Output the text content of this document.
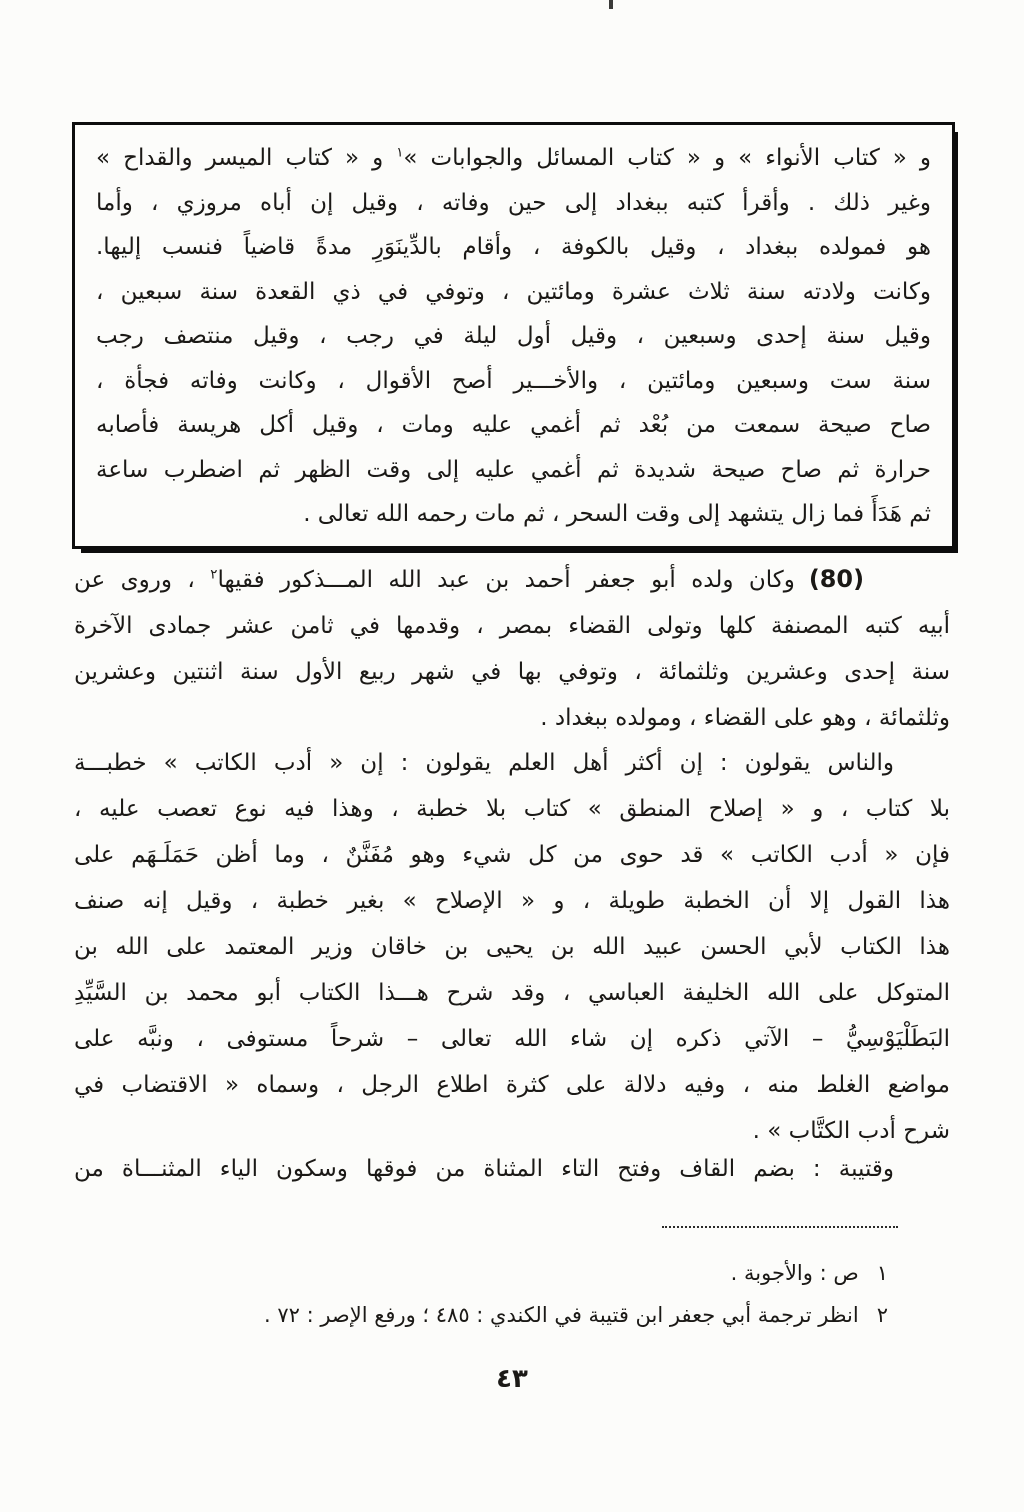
و « كتاب الأنواء » و « كتاب المسائل والجوابات »$^١$ و « كتاب الميسر والقداح »
وغير ذلك . وأقرأ كتبه ببغداد إلى حين وفاته ، وقيل إن أباه مروزي ، وأما
هو فمولده ببغداد ، وقيل بالكوفة ، وأقام بالدِّينَوَرِ مدةً قاضياً فنسب إليها.
وكانت ولادته سنة ثلاث عشرة ومائتين ، وتوفي في ذي القعدة سنة سبعين ،
وقيل سنة إحدى وسبعين ، وقيل أول ليلة في رجب ، وقيل منتصف رجب
سنة ست وسبعين ومائتين ، والأخـــير أصح الأقوال ، وكانت وفاته فجأة ،
صاح صيحة سمعت من بُعْد ثم أغمي عليه ومات ، وقيل أكل هريسة فأصابه
حرارة ثم صاح صيحة شديدة ثم أغمي عليه إلى وقت الظهر ثم اضطرب ساعة
ثم هَدَأَ فما زال يتشهد إلى وقت السحر ، ثم مات رحمه الله تعالى .
(80)وكان ولده أبو جعفر أحمد بن عبد الله المـــذكور فقيها$^٢$ ، وروى عن
أبيه كتبه المصنفة كلها وتولى القضاء بمصر ، وقدمها في ثامن عشر جمادى الآخرة
سنة إحدى وعشرين وثلثمائة ، وتوفي بها في شهر ربيع الأول سنة اثنتين وعشرين
وثلثمائة ، وهو على القضاء ، ومولده ببغداد .
والناس يقولون : إن أكثر أهل العلم يقولون : إن « أدب الكاتب » خطبـــة
بلا كتاب ، و « إصلاح المنطق » كتاب بلا خطبة ، وهذا فيه نوع تعصب عليه ،
فإن « أدب الكاتب » قد حوى من كل شيء وهو مُفَنَّنٌ ، وما أظن حَمَلَـهَم على
هذا القول إلا أن الخطبة طويلة ، و « الإصلاح » بغير خطبة ، وقيل إنه صنف
هذا الكتاب لأبي الحسن عبيد الله بن يحيى بن خاقان وزير المعتمد على الله بن
المتوكل على الله الخليفة العباسي ، وقد شرح هـــذا الكتاب أبو محمد بن السَّيِّدِ
البَطَلْيَوْسِيُّ – الآتي ذكره إن شاء الله تعالى – شرحاً مستوفى ، ونبَّه على
مواضع الغلط منه ، وفيه دلالة على كثرة اطلاع الرجل ، وسماه « الاقتضاب في
شرح أدب الكتَّاب » .
وقتيبة : بضم القاف وفتح التاء المثناة من فوقها وسكون الياء المثنـــاة من
١ص : والأجوبة .
٢انظر ترجمة أبي جعفر ابن قتيبة في الكندي : ٤٨٥ ؛ ورفع الإصر : ٧٢ .
٤٣
